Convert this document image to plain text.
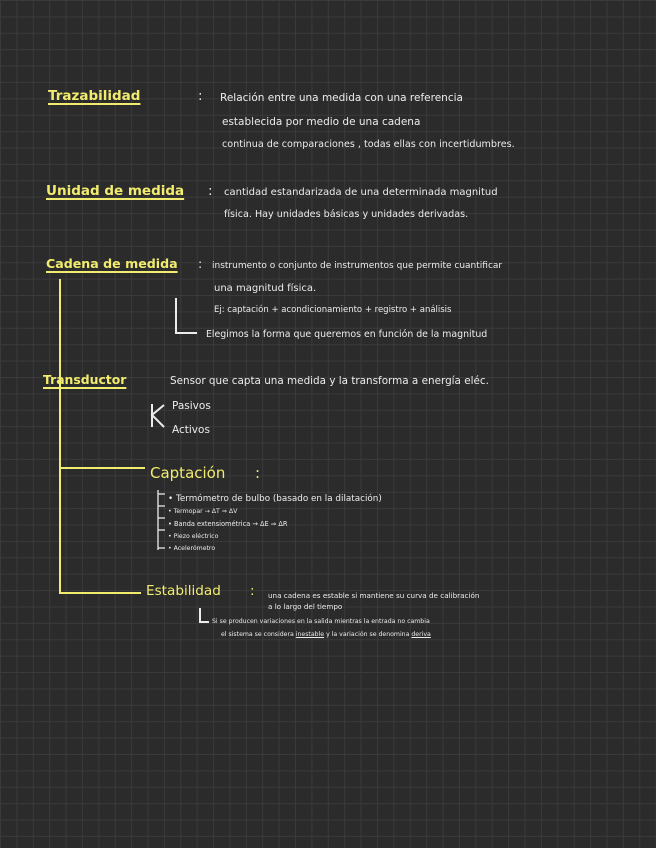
Trazabilidad	: Relación entre una medida con una referencia
establecida por medio de una cadena
continua de comparaciones , todas ellas con incertidumbres.
Unidad de medida : cantidad estandarizada de una determinada magnitud
física. Hay unidades básicas y unidades derivadas.
Cadena de medida : instrumento o conjunto de instrumentos que permite cuantificar
una magnitud física.
Ej: captación + acondicionamiento + registro + análisis
Elegimos la forma que queremos en función de la magnitud
Transductor	Sensor que capta una medida y la transforma a energía eléc.
Pasivos
Activos
Captación :
• Termómetro de bulbo (basado en la dilatación)
• Termopar → ΔT ⇒ ΔV
• Banda extensiométrica → ΔE ⇒ ΔR
• Piezo eléctrico
• Acelerómetro
Estabilidad : una cadena es estable si mantiene su curva de calibración
a lo largo del tiempo
Si se producen variaciones en la salida mientras la entrada no cambia
el sistema se considera inestable y la variación se denomina deriva
